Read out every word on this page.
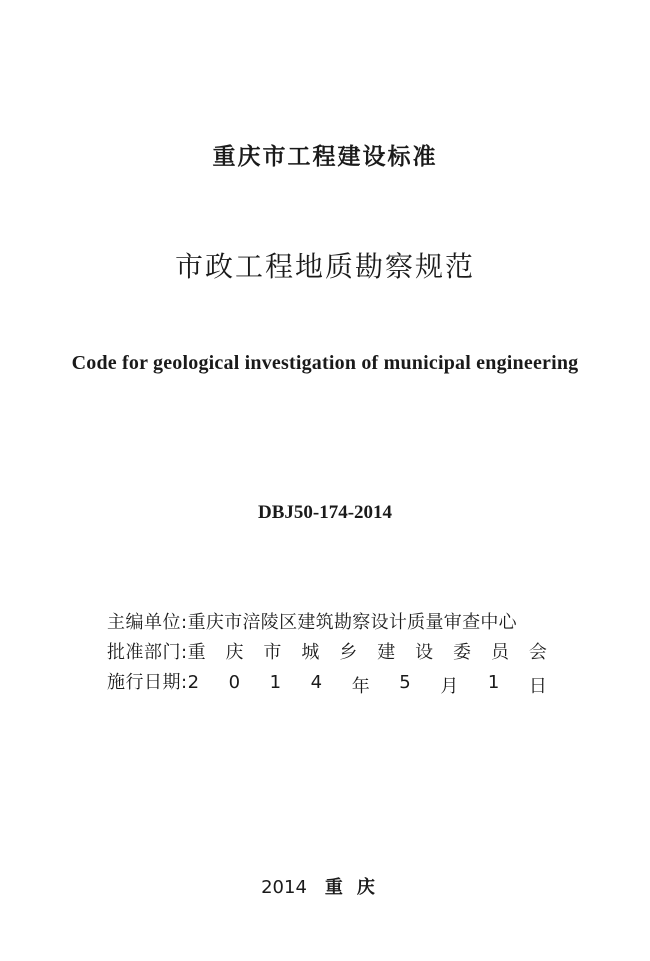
重庆市工程建设标准
市政工程地质勘察规范
Code for geological investigation of municipal engineering
DBJ50-174-2014
主编单位: 重庆市涪陵区建筑勘察设计质量审查中心
批准部门: 重 庆 市 城 乡 建 设 委 员 会
施行日期: 2 0 1 4 年 5 月 1 日
2014 重庆
